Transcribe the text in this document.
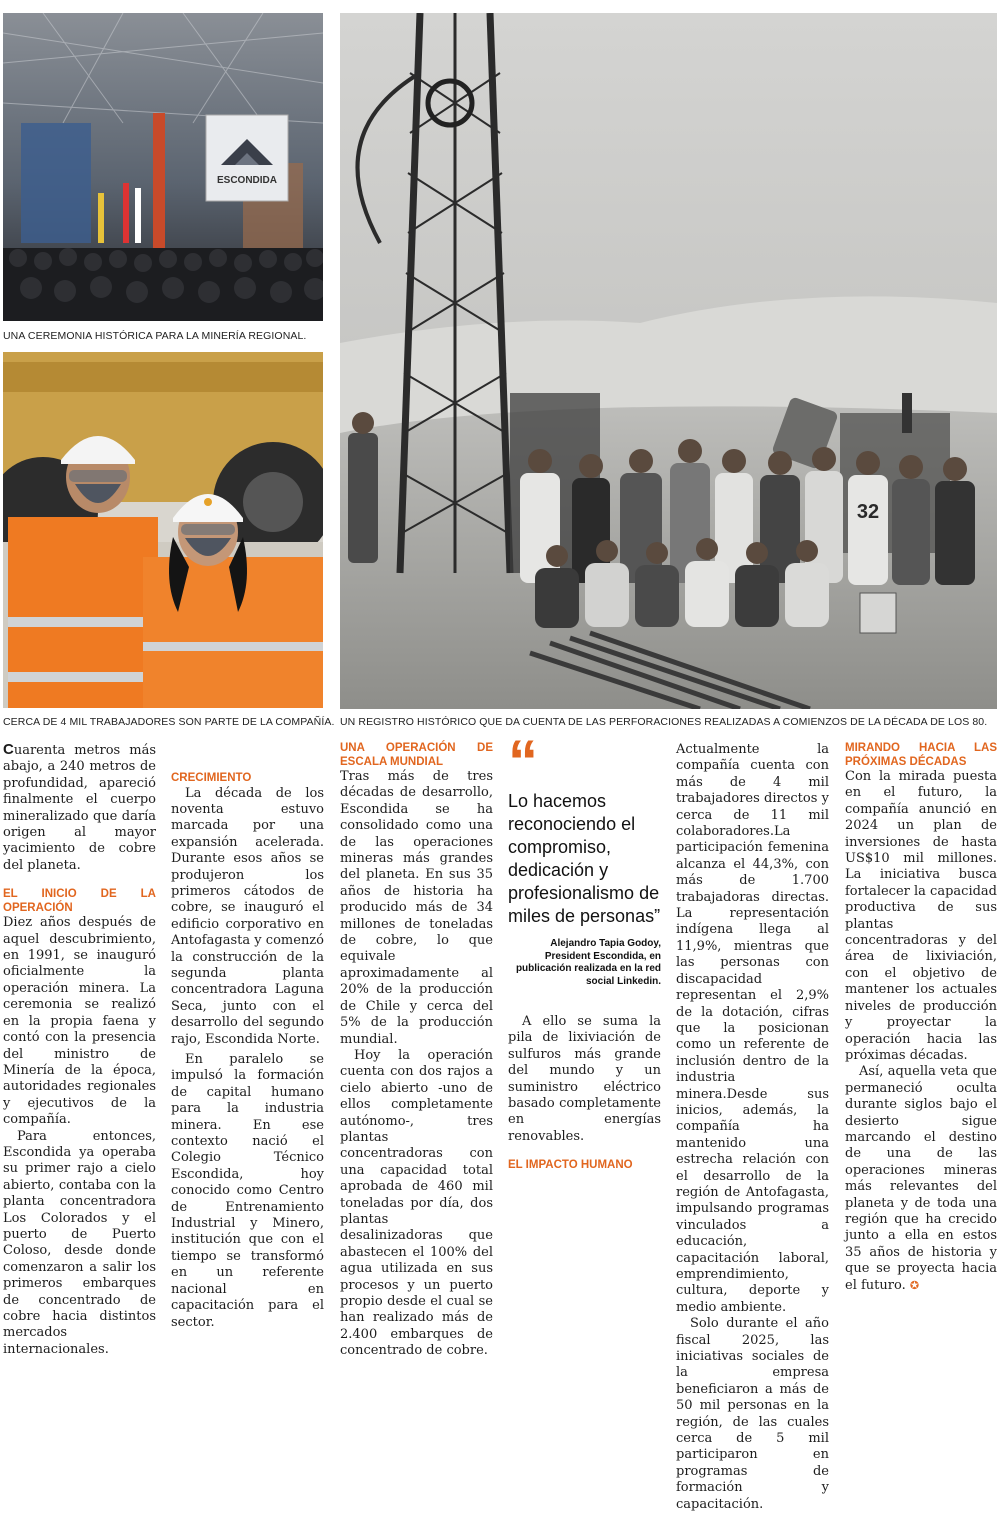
ESCONDIDA
UNA CEREMONIA HISTÓRICA PARA LA MINERÍA REGIONAL.
CERCA DE 4 MIL TRABAJADORES SON PARTE DE LA COMPAÑÍA.
32
UN REGISTRO HISTÓRICO QUE DA CUENTA DE LAS PERFORACIONES REALIZADAS A COMIENZOS DE LA DÉCADA DE LOS 80.

Cuarenta metros más abajo, a 240 metros de profundidad, apareció finalmente el cuerpo mineralizado que daría origen al mayor yacimiento de cobre del planeta.

EL INICIO DE LA OPERACIÓN

Diez años después de aquel descubrimiento, en 1991, se inauguró oficialmente la operación minera. La ceremonia se realizó en la propia faena y contó con la presencia del ministro de Minería de la época, autoridades regionales y ejecutivos de la compañía.

Para entonces, Escondida ya operaba su primer rajo a cielo abierto, contaba con la planta concentradora Los Colorados y el puerto de Puerto Coloso, desde donde comenzaron a salir los primeros embarques de concentrado de cobre hacia distintos mercados internacionales.

CRECIMIENTO

La década de los noventa estuvo marcada por una expansión acelerada. Durante esos años se produjeron los primeros cátodos de cobre, se inauguró el edificio corporativo en Antofagasta y comenzó la construcción de la segunda planta concentradora Laguna Seca, junto con el desarrollo del segundo rajo, Escondida Norte.

En paralelo se impulsó la formación de capital humano para la industria minera. En ese contexto nació el Colegio Técnico Escondida, hoy conocido como Centro de Entrenamiento Industrial y Minero, institución que con el tiempo se transformó en un referente nacional en capacitación para el sector.

UNA OPERACIÓN DE ESCALA MUNDIAL

Tras más de tres décadas de desarrollo, Escondida se ha consolidado como una de las operaciones mineras más grandes del planeta. En sus 35 años de historia ha producido más de 34 millones de toneladas de cobre, lo que equivale aproximadamente al 20% de la producción de Chile y cerca del 5% de la producción mundial.

Hoy la operación cuenta con dos rajos a cielo abierto -uno de ellos completamente autónomo-, tres plantas concentradoras con una capacidad total aprobada de 460 mil toneladas por día, dos plantas desalinizadoras que abastecen el 100% del agua utilizada en sus procesos y un puerto propio desde el cual se han realizado más de 2.400 embarques de concentrado de cobre.

“
Lo hacemos reconociendo el compromiso, dedicación y profesionalismo de miles de personas”
Alejandro Tapia Godoy,
President Escondida, en
publicación realizada en la red
social Linkedin.

A ello se suma la pila de lixiviación de sulfuros más grande del mundo y un suministro eléctrico basado completamente en energías renovables.

EL IMPACTO HUMANO

Actualmente la compañía cuenta con más de 4 mil trabajadores directos y cerca de 11 mil colaboradores.La participación femenina alcanza el 44,3%, con más de 1.700 trabajadoras directas. La representación indígena llega al 11,9%, mientras que las personas con discapacidad representan el 2,9% de la dotación, cifras que la posicionan como un referente de inclusión dentro de la industria minera.Desde sus inicios, además, la compañía ha mantenido una estrecha relación con el desarrollo de la región de Antofagasta, impulsando programas vinculados a educación, capacitación laboral, emprendimiento, cultura, deporte y medio ambiente.

Solo durante el año fiscal 2025, las iniciativas sociales de la empresa beneficiaron a más de 50 mil personas en la región, de las cuales cerca de 5 mil participaron en programas de formación y capacitación.

MIRANDO HACIA LAS PRÓXIMAS DÉCADAS

Con la mirada puesta en el futuro, la compañía anunció en 2024 un plan de inversiones de hasta US$10 mil millones. La iniciativa busca fortalecer la capacidad productiva de sus plantas concentradoras y del área de lixiviación, con el objetivo de mantener los actuales niveles de producción y proyectar la operación hacia las próximas décadas.

Así, aquella veta que permaneció oculta durante siglos bajo el desierto sigue marcando el destino de una de las operaciones mineras más relevantes del planeta y de toda una región que ha crecido junto a ella en estos 35 años de historia y que se proyecta hacia el futuro. ✪
